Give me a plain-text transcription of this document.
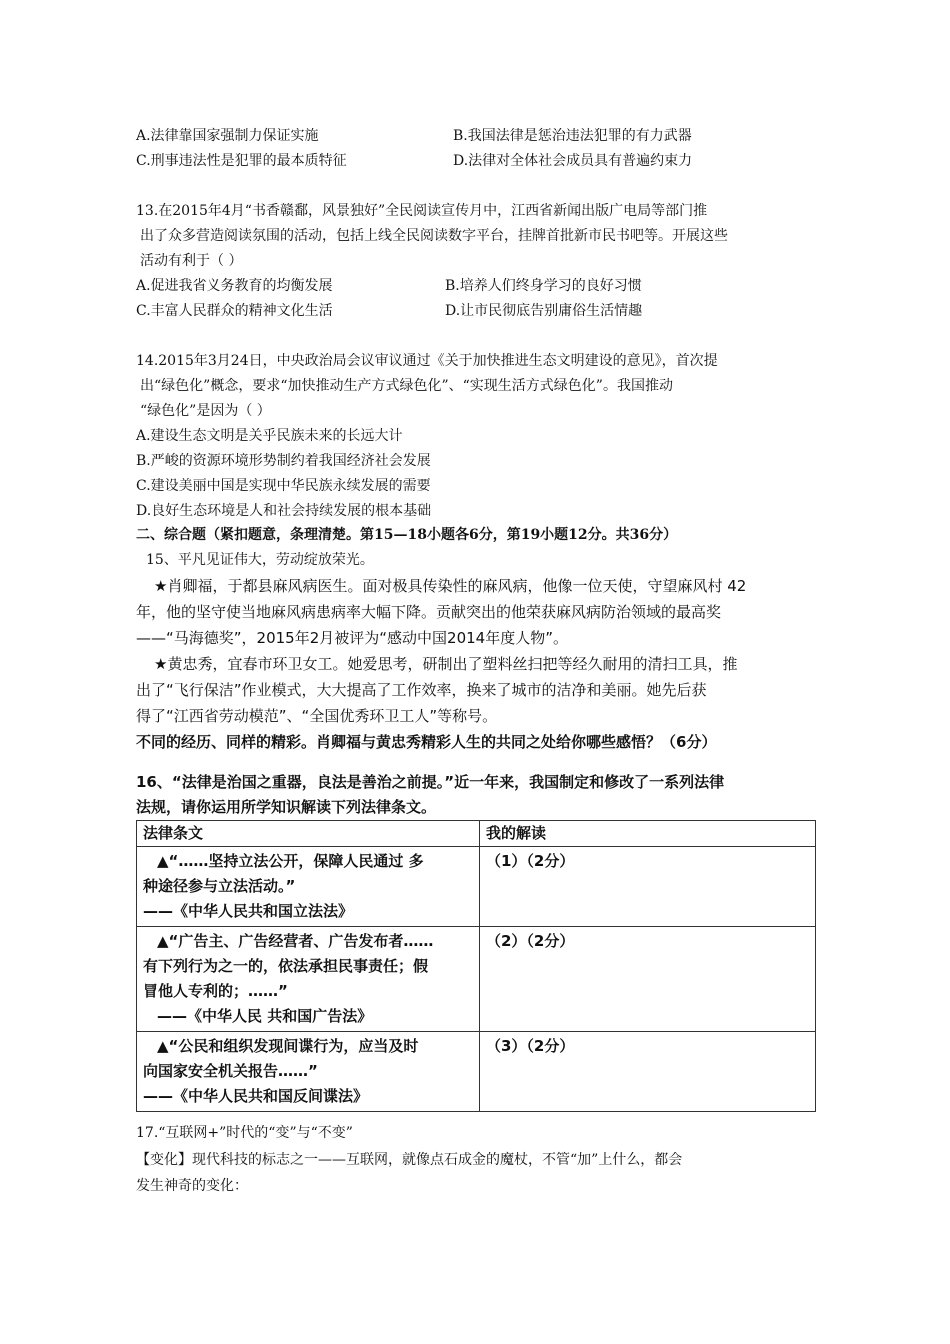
A.法律靠国家强制力保证实施	B.我国法律是惩治违法犯罪的有力武器
C.刑事违法性是犯罪的最本质特征	D.法律对全体社会成员具有普遍约束力
13.在2015年4月“书香赣鄱，风景独好”全民阅读宣传月中，江西省新闻出版广电局等部门推
出了众多营造阅读氛围的活动，包括上线全民阅读数字平台，挂牌首批新市民书吧等。开展这些
活动有利于（ ）
A.促进我省义务教育的均衡发展	B.培养人们终身学习的良好习惯
C.丰富人民群众的精神文化生活	D.让市民彻底告别庸俗生活情趣
14.2015年3月24日，中央政治局会议审议通过《关于加快推进生态文明建设的意见》，首次提
出“绿色化”概念，要求“加快推动生产方式绿色化”、“实现生活方式绿色化”。我国推动
“绿色化”是因为（ ）
A.建设生态文明是关乎民族未来的长远大计
B.严峻的资源环境形势制约着我国经济社会发展
C.建设美丽中国是实现中华民族永续发展的需要
D.良好生态环境是人和社会持续发展的根本基础
二、综合题（紧扣题意，条理清楚。第15—18小题各6分，第19小题12分。共36分）
15、平凡见证伟大，劳动绽放荣光。
★肖卿福，于都县麻风病医生。面对极具传染性的麻风病，他像一位天使，守望麻风村 42
年，他的坚守使当地麻风病患病率大幅下降。贡献突出的他荣获麻风病防治领域的最高奖
——“马海德奖”，2015年2月被评为“感动中国2014年度人物”。
★黄忠秀，宜春市环卫女工。她爱思考，研制出了塑料丝扫把等经久耐用的清扫工具，推
出了“飞行保洁”作业模式，大大提高了工作效率，换来了城市的洁净和美丽。她先后获
得了“江西省劳动模范”、“全国优秀环卫工人”等称号。
不同的经历、同样的精彩。肖卿福与黄忠秀精彩人生的共同之处给你哪些感悟？（6分）
16、“法律是治国之重器，良法是善治之前提。”近一年来，我国制定和修改了一系列法律
法规，请你运用所学知识解读下列法律条文。
法律条文	我的解读

▲“……坚持立法公开，保障人民通过 多
种途径参与立法活动。”
——《中华人民共和国立法法》	（1）（2分）

▲“广告主、广告经营者、广告发布者……
有下列行为之一的，依法承担民事责任；假
冒他人专利的；……”
——《中华人民 共和国广告法》	（2）（2分）

▲“公民和组织发现间谍行为，应当及时
向国家安全机关报告……”
——《中华人民共和国反间谍法》	（3）（2分）
17.“互联网+”时代的“变”与“不变”
【变化】现代科技的标志之一——互联网，就像点石成金的魔杖，不管“加”上什么，都会
发生神奇的变化：
